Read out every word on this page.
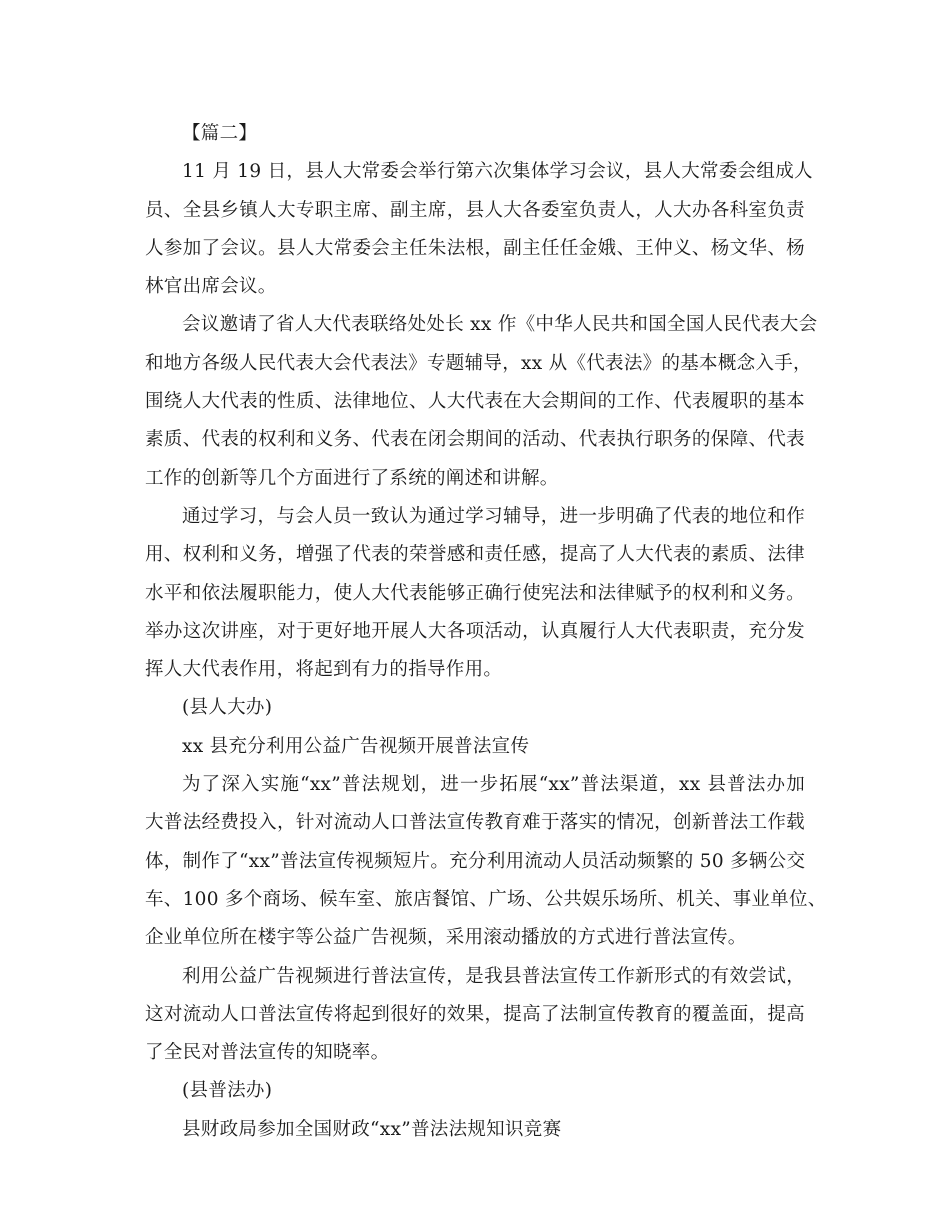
【篇二】
11 月 19 日，县人大常委会举行第六次集体学习会议，县人大常委会组成人
员、全县乡镇人大专职主席、副主席，县人大各委室负责人，人大办各科室负责
人参加了会议。县人大常委会主任朱法根，副主任任金娥、王仲义、杨文华、杨
林官出席会议。
会议邀请了省人大代表联络处处长 xx 作《中华人民共和国全国人民代表大会
和地方各级人民代表大会代表法》专题辅导，xx 从《代表法》的基本概念入手，
围绕人大代表的性质、法律地位、人大代表在大会期间的工作、代表履职的基本
素质、代表的权利和义务、代表在闭会期间的活动、代表执行职务的保障、代表
工作的创新等几个方面进行了系统的阐述和讲解。
通过学习，与会人员一致认为通过学习辅导，进一步明确了代表的地位和作
用、权利和义务，增强了代表的荣誉感和责任感，提高了人大代表的素质、法律
水平和依法履职能力，使人大代表能够正确行使宪法和法律赋予的权利和义务。
举办这次讲座，对于更好地开展人大各项活动，认真履行人大代表职责，充分发
挥人大代表作用，将起到有力的指导作用。
(县人大办)
xx 县充分利用公益广告视频开展普法宣传
为了深入实施“xx”普法规划，进一步拓展“xx”普法渠道，xx 县普法办加
大普法经费投入，针对流动人口普法宣传教育难于落实的情况，创新普法工作载
体，制作了“xx”普法宣传视频短片。充分利用流动人员活动频繁的 50 多辆公交
车、100 多个商场、候车室、旅店餐馆、广场、公共娱乐场所、机关、事业单位、
企业单位所在楼宇等公益广告视频，采用滚动播放的方式进行普法宣传。
利用公益广告视频进行普法宣传，是我县普法宣传工作新形式的有效尝试，
这对流动人口普法宣传将起到很好的效果，提高了法制宣传教育的覆盖面，提高
了全民对普法宣传的知晓率。
(县普法办)
县财政局参加全国财政“xx”普法法规知识竞赛
